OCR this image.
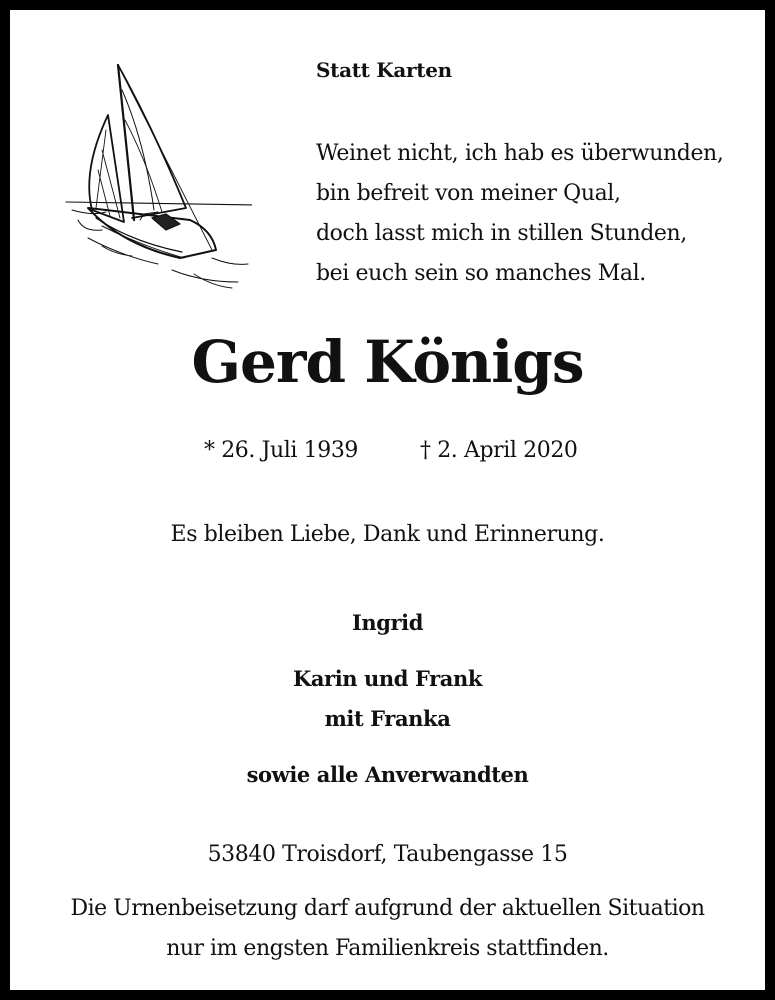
Statt Karten
Weinet nicht, ich hab es überwunden,
bin befreit von meiner Qual,
doch lasst mich in stillen Stunden,
bei euch sein so manches Mal.
Gerd Königs
* 26. Juli 1939	† 2. April 2020
Es bleiben Liebe, Dank und Erinnerung.
Ingrid
Karin und Frank
mit Franka
sowie alle Anverwandten
53840 Troisdorf, Taubengasse 15
Die Urnenbeisetzung darf aufgrund der aktuellen Situation
nur im engsten Familienkreis stattfinden.
